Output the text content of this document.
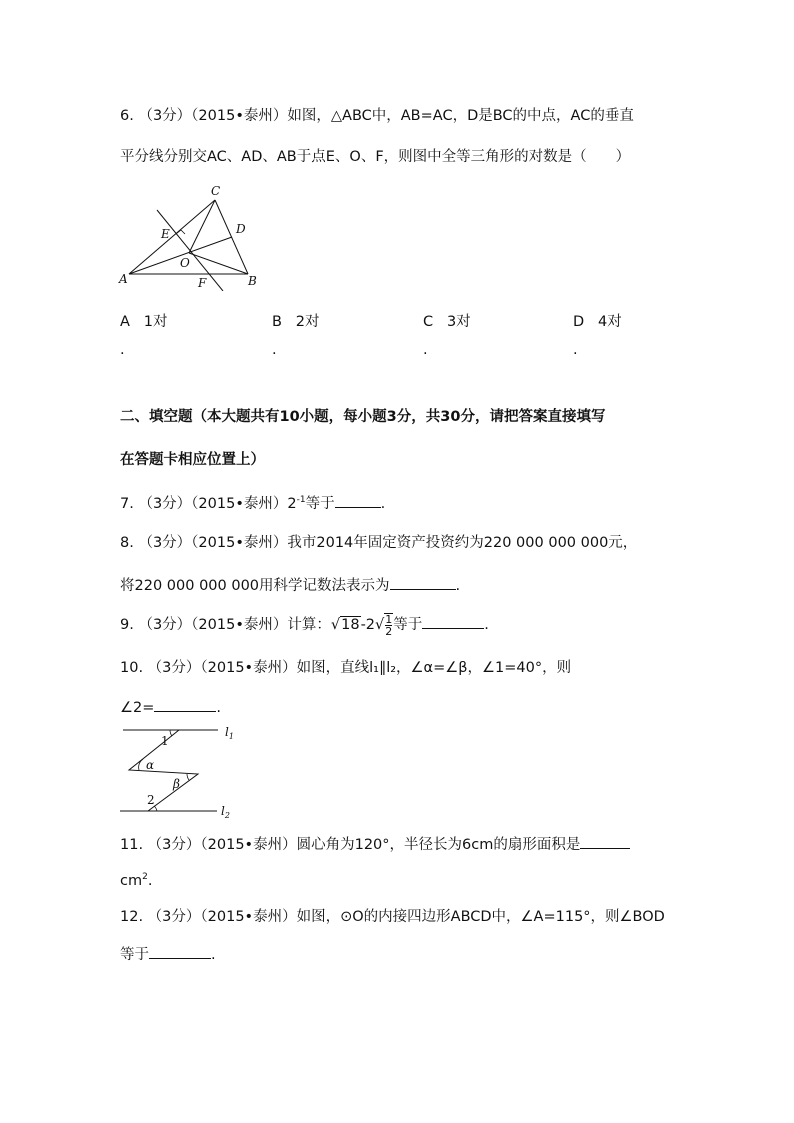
6. （3分）（2015•泰州）如图，△ABC中，AB=AC，D是BC的中点，AC的垂直
平分线分别交AC、AD、AB于点E、O、F，则图中全等三角形的对数是（　　）
C
D
E
O
A	F	B
A 1对	B 2对	C 3对	D 4对
.	.	.	.
二、填空题（本大题共有10小题，每小题3分，共30分，请把答案直接填写
在答题卡相应位置上）
7. （3分）（2015•泰州）$2^{-1}$等于	.
8. （3分）（2015•泰州）我市2014年固定资产投资约为220 000 000 000元，
将220 000 000 000用科学记数法表示为	.
9. （3分）（2015•泰州）计算：$√18-2√ \frac{1}{2}$ 等于	.
10. （3分）（2015•泰州）如图，直线l₁∥l₂，∠α=∠β，∠1=40°，则
∠2=	.
1
α
β
2
$l_1$
$l_2$
11. （3分）（2015•泰州）圆心角为120°，半径长为6cm的扇形面积是
$cm^2$.
12. （3分）（2015•泰州）如图，⊙O的内接四边形ABCD中，∠A=115°，则∠BOD
等于	.
